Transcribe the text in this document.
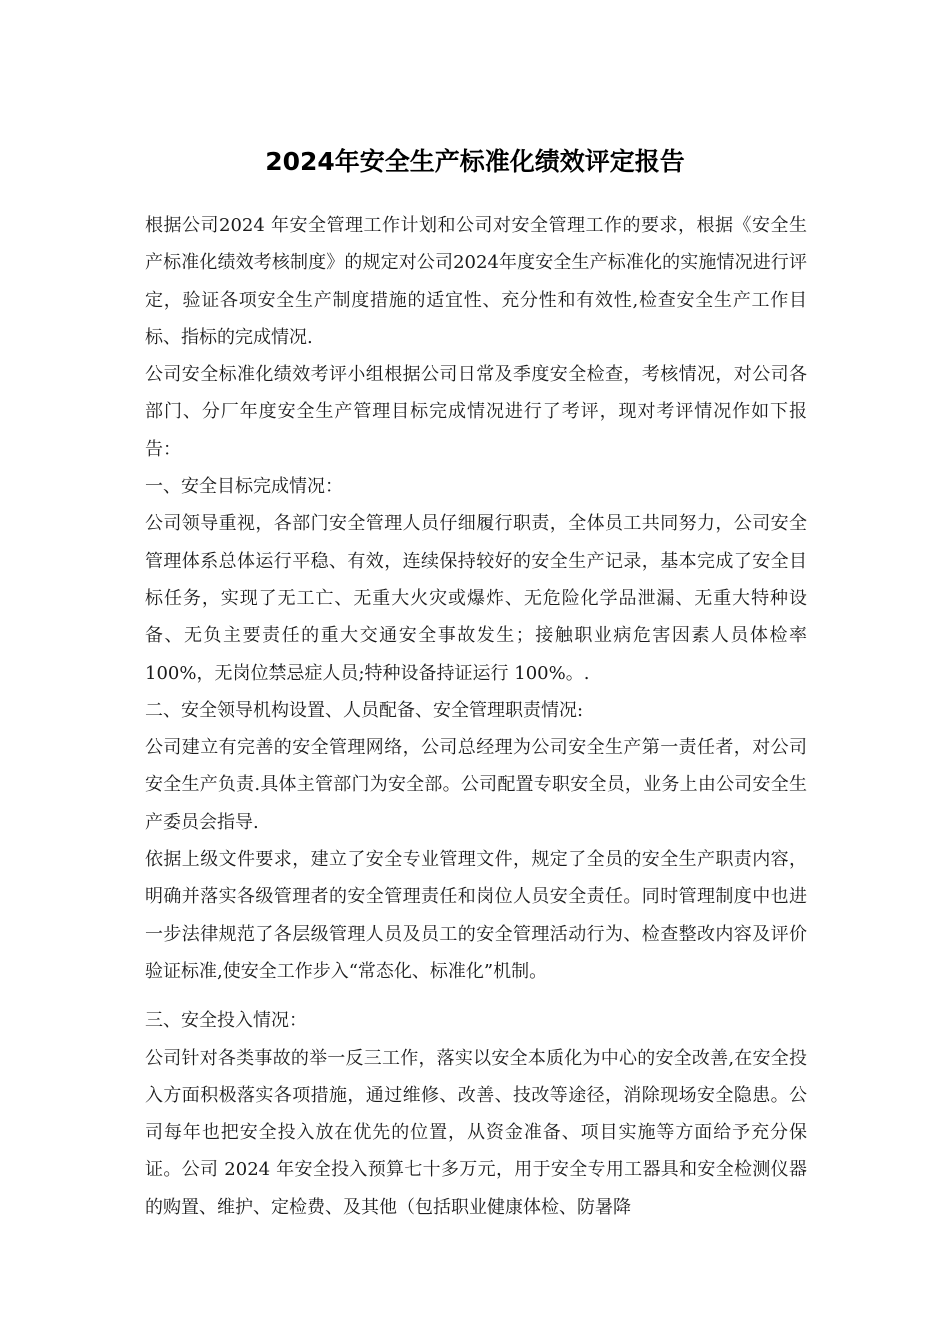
2024年安全生产标准化绩效评定报告

根据公司2024 年安全管理工作计划和公司对安全管理工作的要求，根据《安全生产标准化绩效考核制度》的规定对公司2024年度安全生产标准化的实施情况进行评定，验证各项安全生产制度措施的适宜性、充分性和有效性,检查安全生产工作目标、指标的完成情况.

公司安全标准化绩效考评小组根据公司日常及季度安全检查，考核情况，对公司各部门、分厂年度安全生产管理目标完成情况进行了考评，现对考评情况作如下报告：

一、安全目标完成情况：

公司领导重视，各部门安全管理人员仔细履行职责，全体员工共同努力，公司安全管理体系总体运行平稳、有效，连续保持较好的安全生产记录，基本完成了安全目标任务，实现了无工亡、无重大火灾或爆炸、无危险化学品泄漏、无重大特种设备、无负主要责任的重大交通安全事故发生；接触职业病危害因素人员体检率 100%，无岗位禁忌症人员;特种设备持证运行 100%。.

二、安全领导机构设置、人员配备、安全管理职责情况:

公司建立有完善的安全管理网络，公司总经理为公司安全生产第一责任者，对公司安全生产负责.具体主管部门为安全部。公司配置专职安全员，业务上由公司安全生产委员会指导.

依据上级文件要求，建立了安全专业管理文件，规定了全员的安全生产职责内容，明确并落实各级管理者的安全管理责任和岗位人员安全责任。同时管理制度中也进一步法律规范了各层级管理人员及员工的安全管理活动行为、检查整改内容及评价验证标准,使安全工作步入“常态化、标准化”机制。

三、安全投入情况：

公司针对各类事故的举一反三工作，落实以安全本质化为中心的安全改善,在安全投入方面积极落实各项措施，通过维修、改善、技改等途径，消除现场安全隐患。公司每年也把安全投入放在优先的位置，从资金准备、项目实施等方面给予充分保证。公司 2024 年安全投入预算七十多万元，用于安全专用工器具和安全检测仪器的购置、维护、定检费、及其他（包括职业健康体检、防暑降
